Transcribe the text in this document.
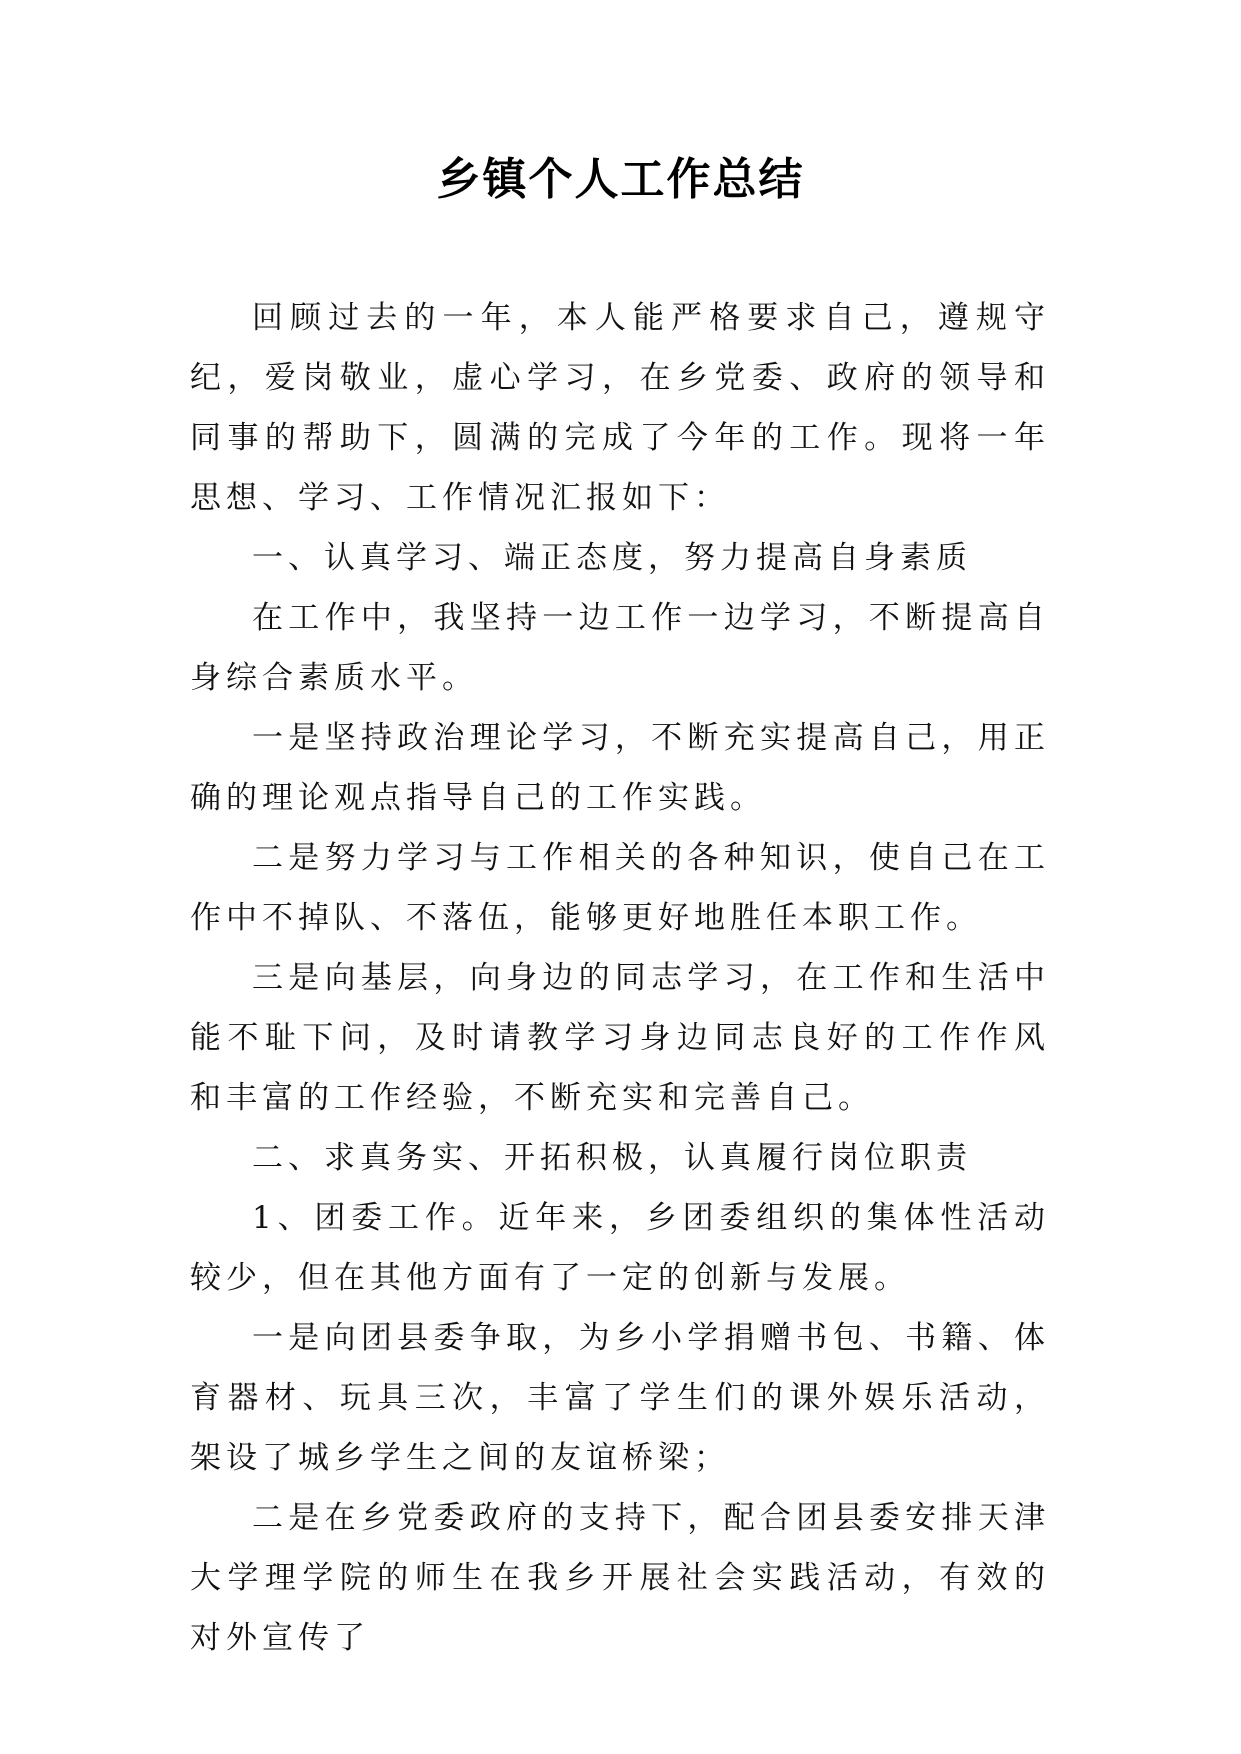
乡镇个人工作总结

回顾过去的一年，本人能严格要求自己，遵规守纪，爱岗敬业，虚心学习，在乡党委、政府的领导和同事的帮助下，圆满的完成了今年的工作。现将一年思想、学习、工作情况汇报如下：

一、认真学习、端正态度，努力提高自身素质

在工作中，我坚持一边工作一边学习，不断提高自身综合素质水平。

一是坚持政治理论学习，不断充实提高自己，用正确的理论观点指导自己的工作实践。

二是努力学习与工作相关的各种知识，使自己在工作中不掉队、不落伍，能够更好地胜任本职工作。

三是向基层，向身边的同志学习，在工作和生活中能不耻下问，及时请教学习身边同志良好的工作作风和丰富的工作经验，不断充实和完善自己。

二、求真务实、开拓积极，认真履行岗位职责

1、团委工作。近年来，乡团委组织的集体性活动较少，但在其他方面有了一定的创新与发展。

一是向团县委争取，为乡小学捐赠书包、书籍、体育器材、玩具三次，丰富了学生们的课外娱乐活动，架设了城乡学生之间的友谊桥梁；

二是在乡党委政府的支持下，配合团县委安排天津大学理学院的师生在我乡开展社会实践活动，有效的对外宣传了
